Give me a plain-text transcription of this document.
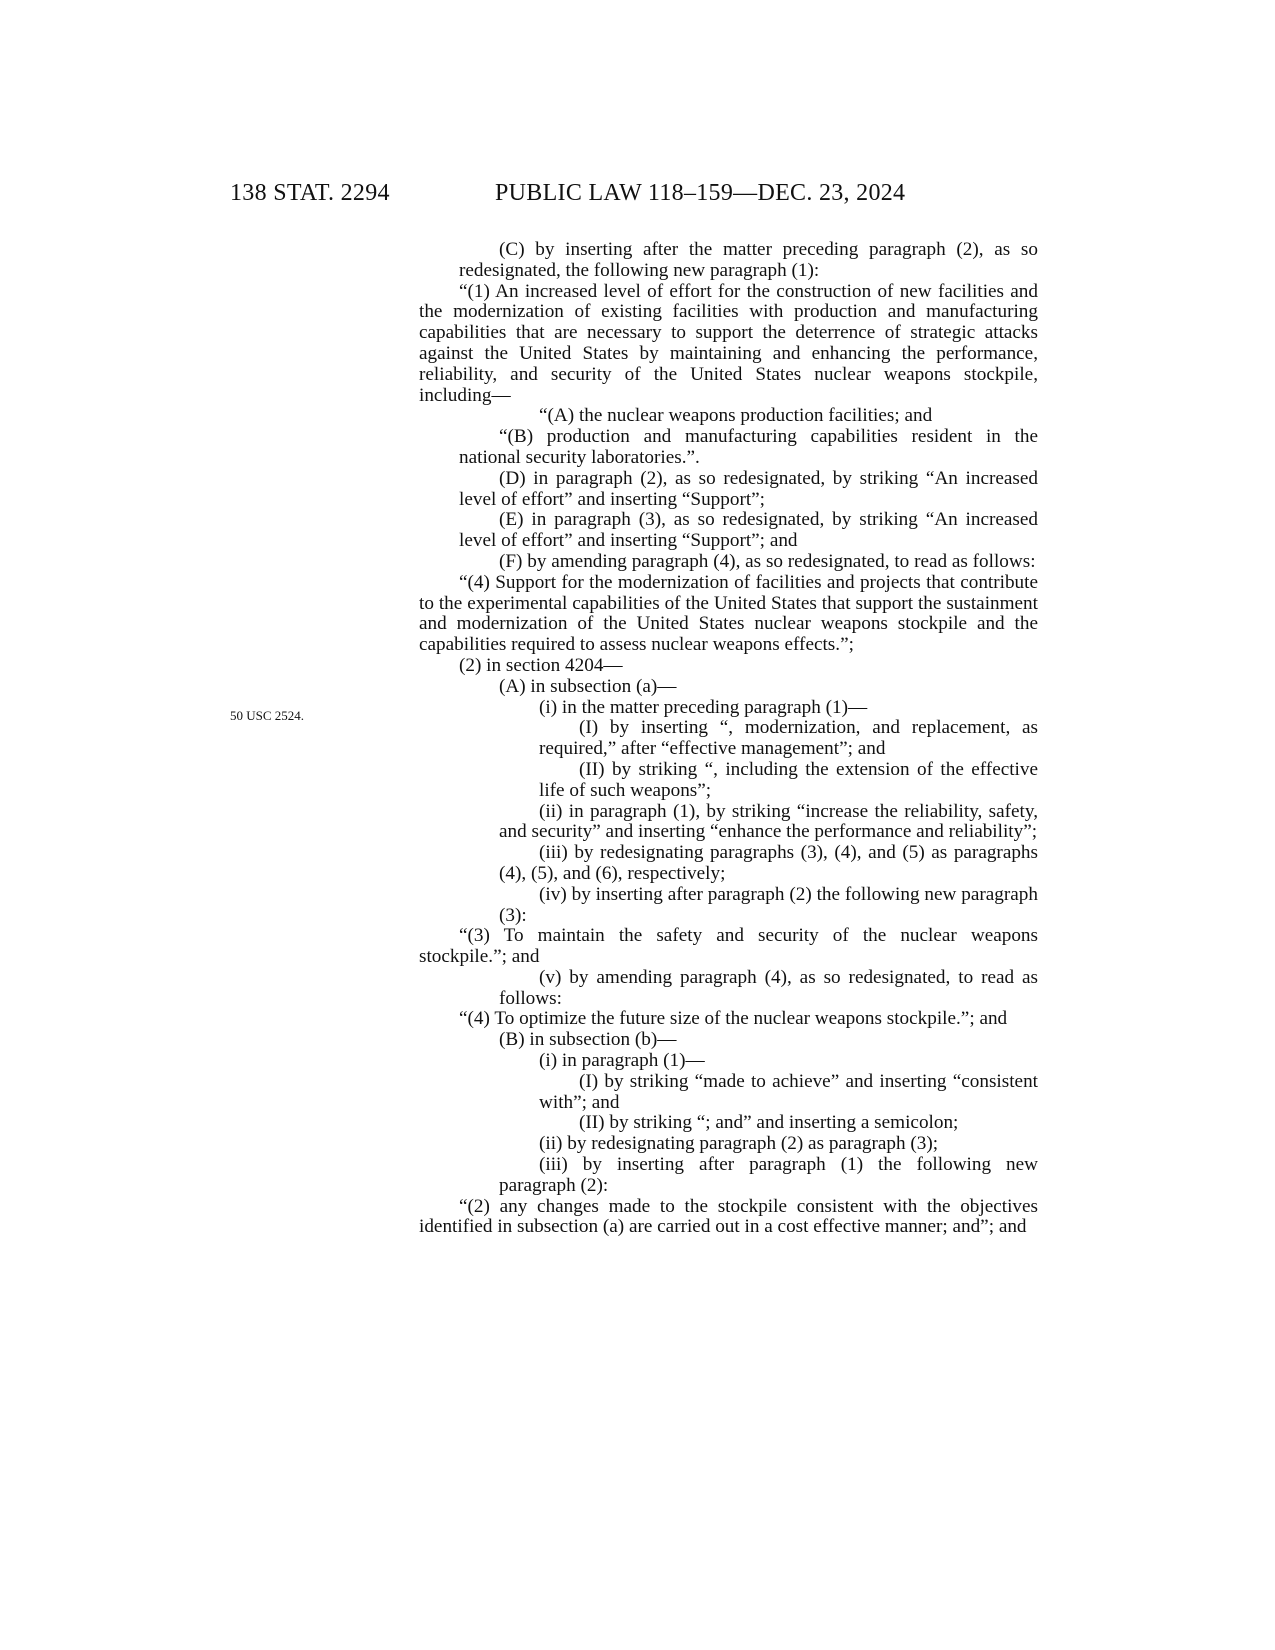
138 STAT. 2294	PUBLIC LAW 118–159—DEC. 23, 2024
50 USC 2524.

(C) by inserting after the matter preceding paragraph (2), as so redesignated, the following new paragraph (1):

“(1) An increased level of effort for the construction of new facilities and the modernization of existing facilities with production and manufacturing capabilities that are necessary to support the deterrence of strategic attacks against the United States by maintaining and enhancing the performance, reliability, and security of the United States nuclear weapons stockpile, including—

“(A) the nuclear weapons production facilities; and

“(B) production and manufacturing capabilities resident in the national security laboratories.”.

(D) in paragraph (2), as so redesignated, by striking “An increased level of effort” and inserting “Support”;

(E) in paragraph (3), as so redesignated, by striking “An increased level of effort” and inserting “Support”; and

(F) by amending paragraph (4), as so redesignated, to read as follows:

“(4) Support for the modernization of facilities and projects that contribute to the experimental capabilities of the United States that support the sustainment and modernization of the United States nuclear weapons stockpile and the capabilities required to assess nuclear weapons effects.”;

(2) in section 4204—

(A) in subsection (a)—

(i) in the matter preceding paragraph (1)—

(I) by inserting “, modernization, and replacement, as required,” after “effective management”; and

(II) by striking “, including the extension of the effective life of such weapons”;

(ii) in paragraph (1), by striking “increase the reliability, safety, and security” and inserting “enhance the performance and reliability”;

(iii) by redesignating paragraphs (3), (4), and (5) as paragraphs (4), (5), and (6), respectively;

(iv) by inserting after paragraph (2) the following new paragraph (3):

“(3) To maintain the safety and security of the nuclear weapons stockpile.”; and

(v) by amending paragraph (4), as so redesignated, to read as follows:

“(4) To optimize the future size of the nuclear weapons stockpile.”; and

(B) in subsection (b)—

(i) in paragraph (1)—

(I) by striking “made to achieve” and inserting “consistent with”; and

(II) by striking “; and” and inserting a semicolon;

(ii) by redesignating paragraph (2) as paragraph (3);

(iii) by inserting after paragraph (1) the following new paragraph (2):

“(2) any changes made to the stockpile consistent with the objectives identified in subsection (a) are carried out in a cost effective manner; and”; and
